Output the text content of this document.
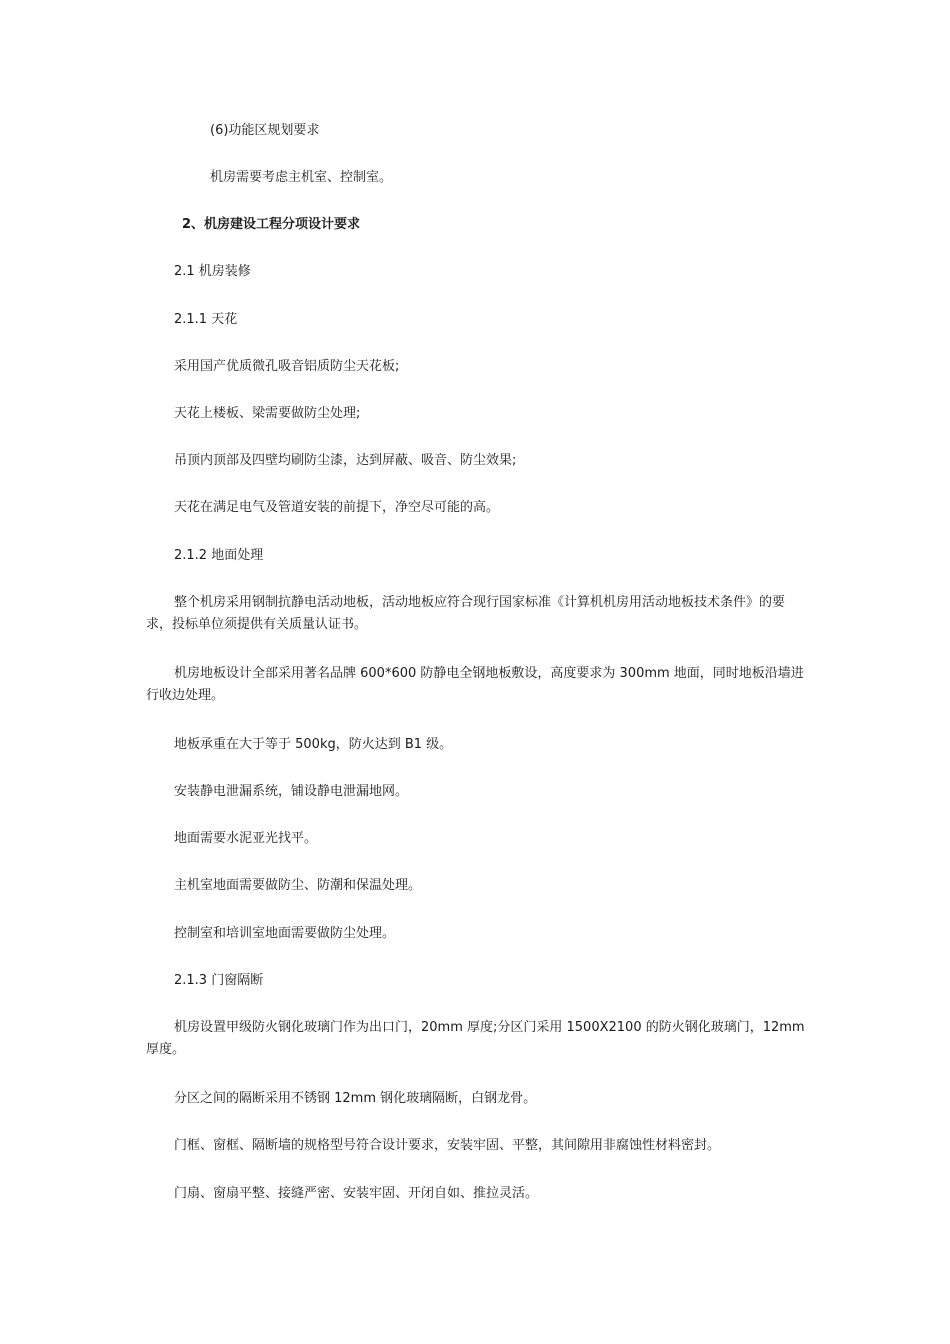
(6)功能区规划要求

机房需要考虑主机室、控制室。

2、机房建设工程分项设计要求

2.1 机房装修

2.1.1 天花

采用国产优质微孔吸音铝质防尘天花板;

天花上楼板、梁需要做防尘处理;

吊顶内顶部及四壁均刷防尘漆，达到屏蔽、吸音、防尘效果;

天花在满足电气及管道安装的前提下，净空尽可能的高。

2.1.2 地面处理

整个机房采用钢制抗静电活动地板，活动地板应符合现行国家标准《计算机机房用活动地板技术条件》的要求，投标单位须提供有关质量认证书。

机房地板设计全部采用著名品牌 600*600 防静电全钢地板敷设，高度要求为 300mm 地面，同时地板沿墙进行收边处理。

地板承重在大于等于 500kg，防火达到 B1 级。

安装静电泄漏系统，铺设静电泄漏地网。

地面需要水泥亚光找平。

主机室地面需要做防尘、防潮和保温处理。

控制室和培训室地面需要做防尘处理。

2.1.3 门窗隔断

机房设置甲级防火钢化玻璃门作为出口门，20mm 厚度;分区门采用 1500X2100 的防火钢化玻璃门，12mm 厚度。

分区之间的隔断采用不锈钢 12mm 钢化玻璃隔断，白钢龙骨。

门框、窗框、隔断墙的规格型号符合设计要求，安装牢固、平整，其间隙用非腐蚀性材料密封。

门扇、窗扇平整、接缝严密、安装牢固、开闭自如、推拉灵活。
